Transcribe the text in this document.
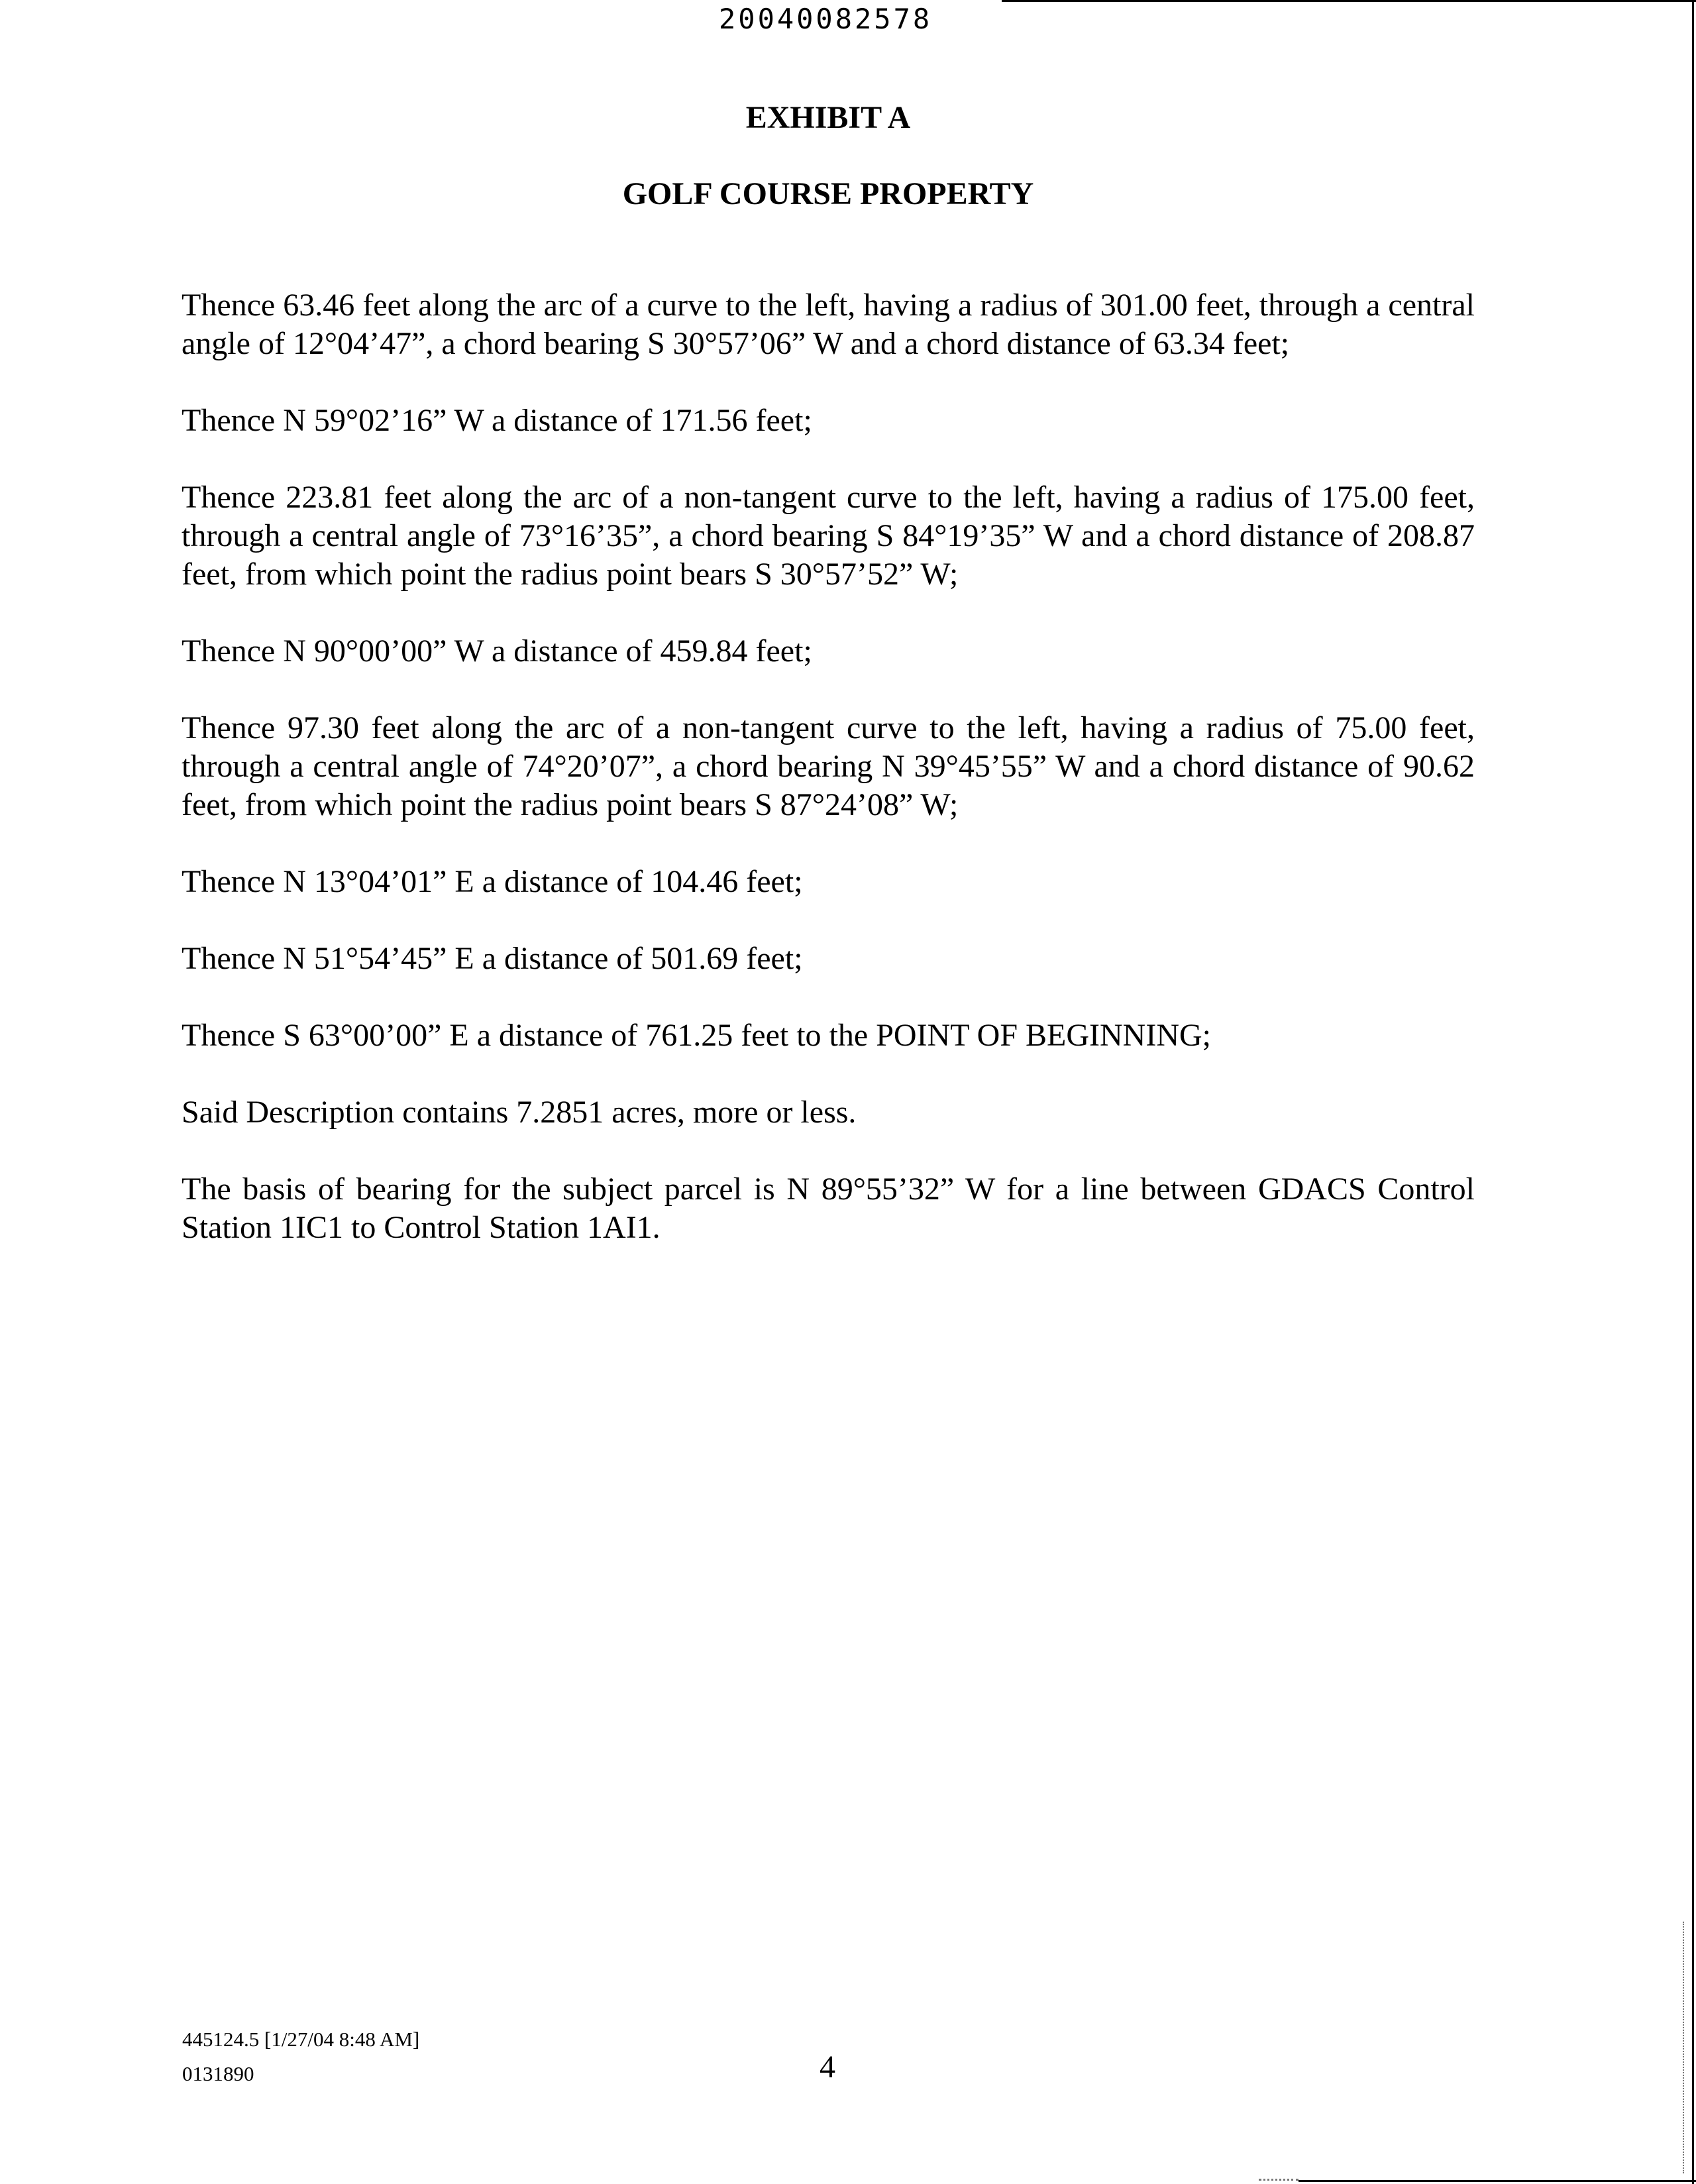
20040082578
EXHIBIT A
GOLF COURSE PROPERTY

Thence 63.46 feet along the arc of a curve to the left, having a radius of 301.00 feet, through a central angle of 12°04’47”, a chord bearing S 30°57’06” W and a chord distance of 63.34 feet;

Thence N 59°02’16” W a distance of 171.56 feet;

Thence 223.81 feet along the arc of a non-tangent curve to the left, having a radius of 175.00 feet, through a central angle of 73°16’35”, a chord bearing S 84°19’35” W and a chord distance of 208.87 feet, from which point the radius point bears S 30°57’52” W;

Thence N 90°00’00” W a distance of 459.84 feet;

Thence 97.30 feet along the arc of a non-tangent curve to the left, having a radius of 75.00 feet, through a central angle of 74°20’07”, a chord bearing N 39°45’55” W and a chord distance of 90.62 feet, from which point the radius point bears S 87°24’08” W;

Thence N 13°04’01” E a distance of 104.46 feet;

Thence N 51°54’45” E a distance of 501.69 feet;

Thence S 63°00’00” E a distance of 761.25 feet to the POINT OF BEGINNING;

Said Description contains 7.2851 acres, more or less.

The basis of bearing for the subject parcel is N 89°55’32” W for a line between GDACS Control Station 1IC1 to Control Station 1AI1.

445124.5 [1/27/04 8:48 AM]
0131890	4
